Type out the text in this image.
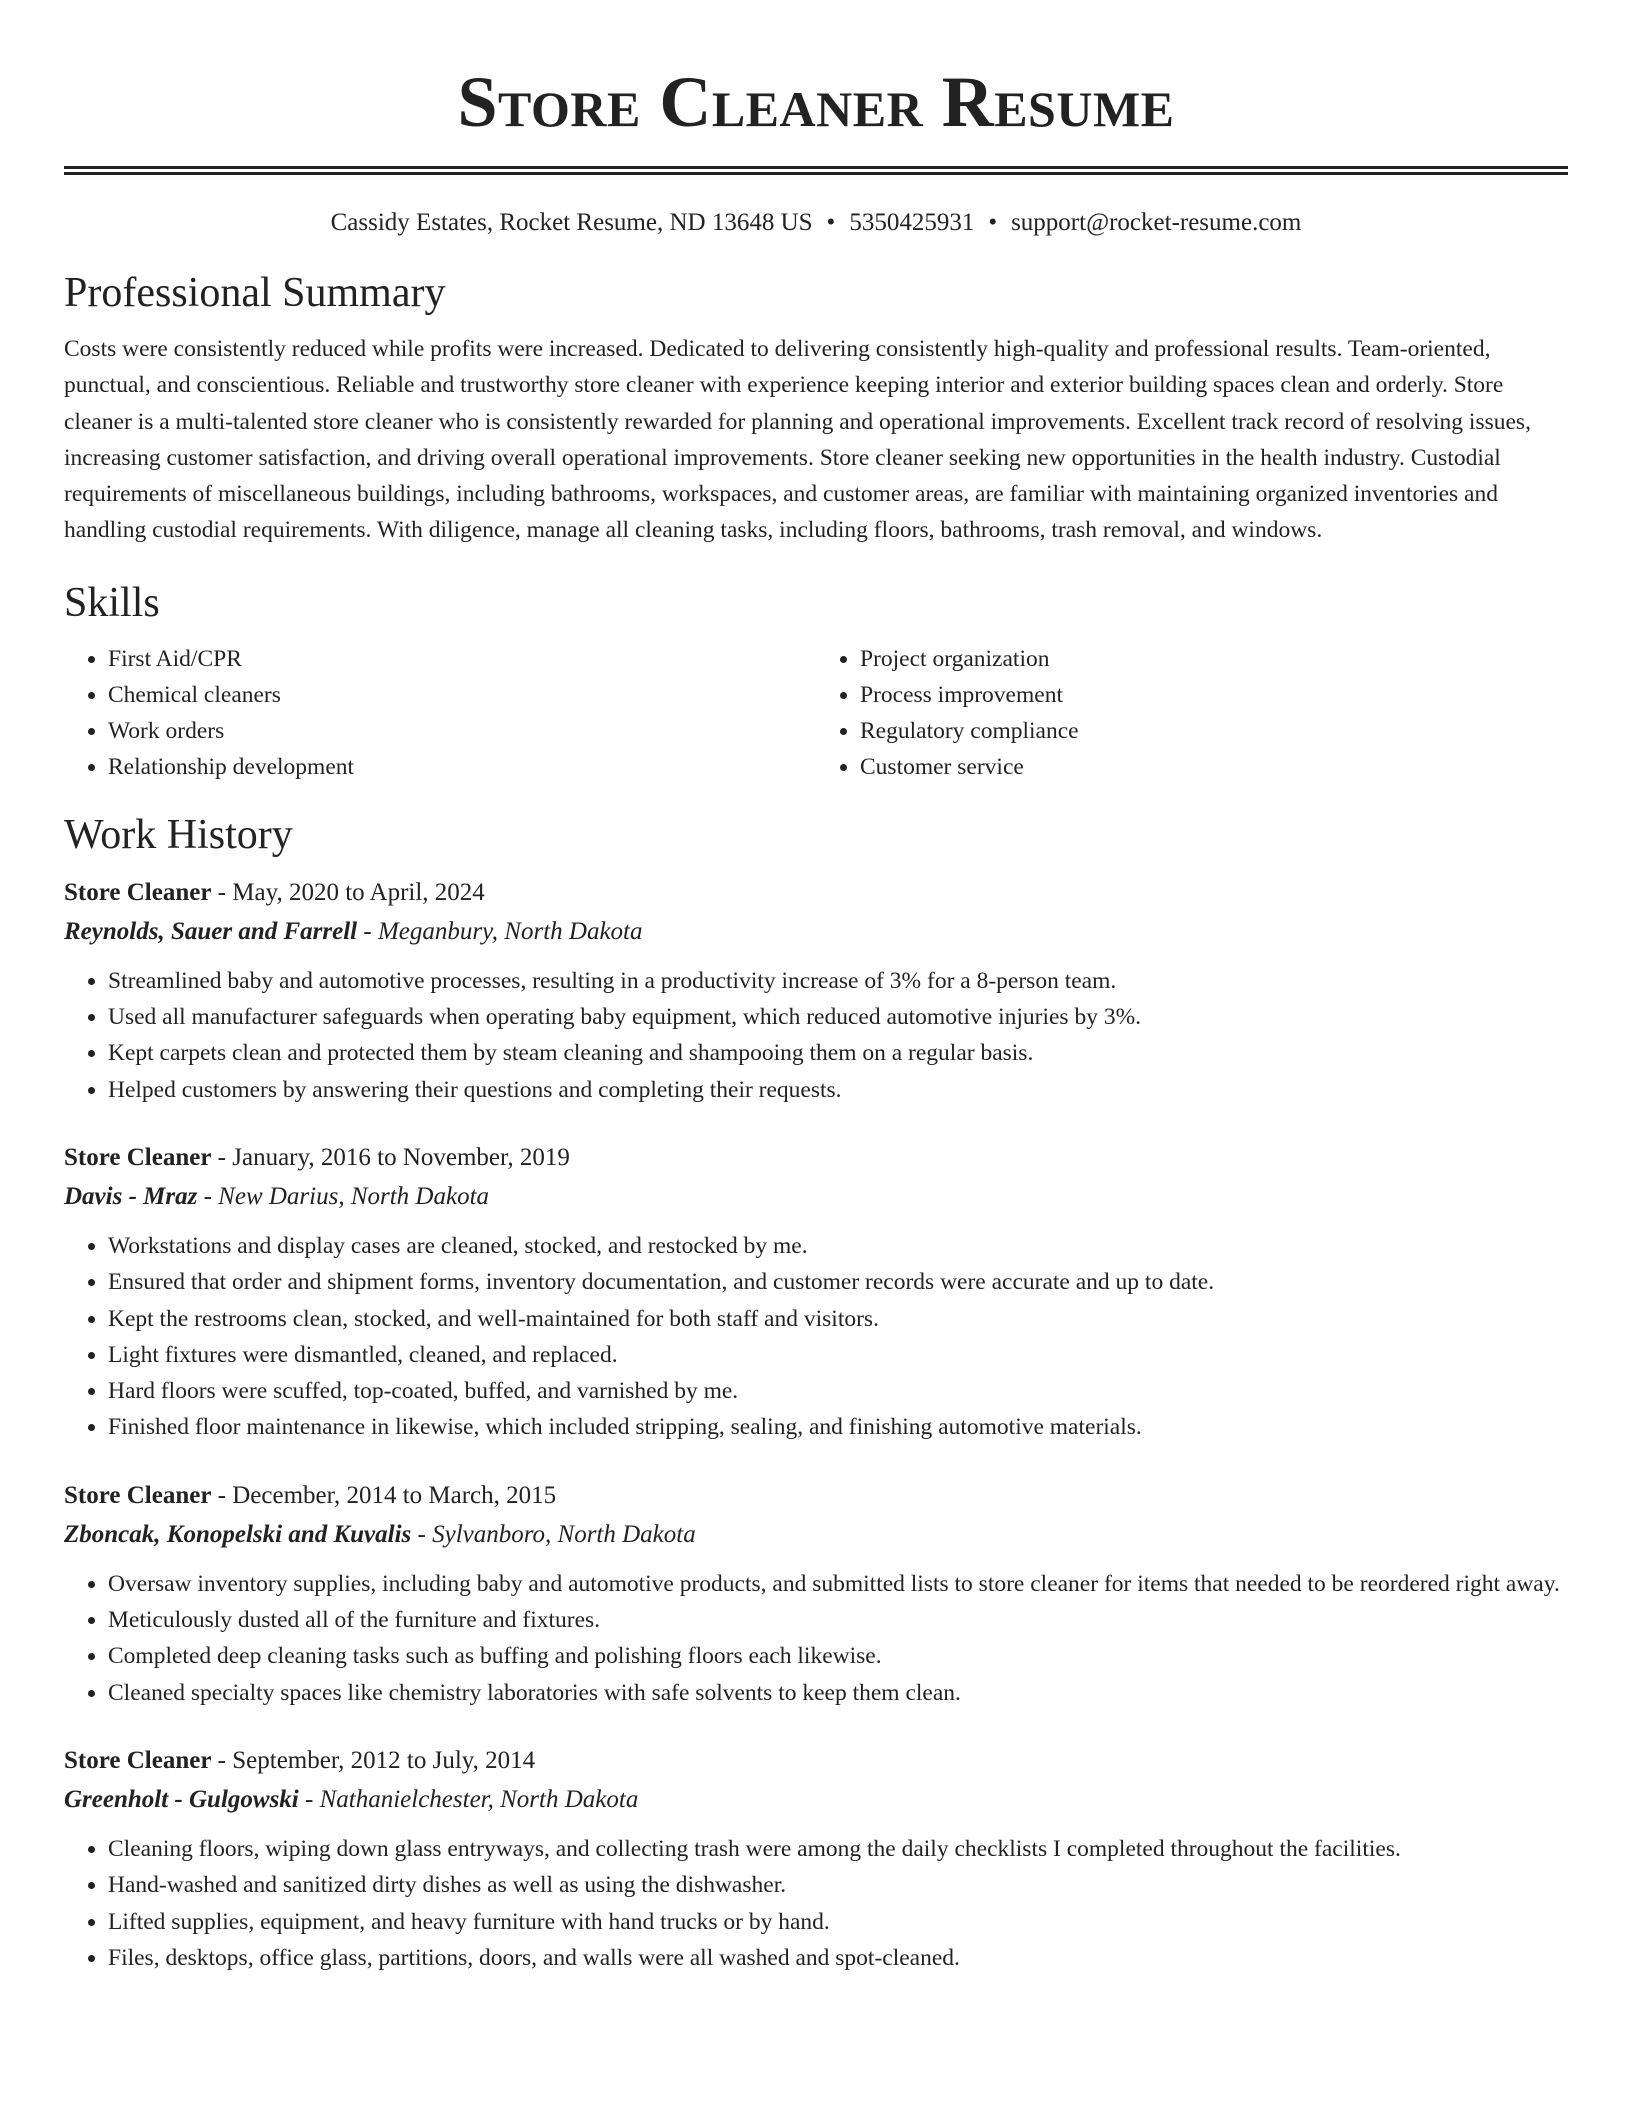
Store Cleaner Resume
Cassidy Estates, Rocket Resume, ND 13648 US • 5350425931 • support@rocket-resume.com
Professional Summary

Costs were consistently reduced while profits were increased. Dedicated to delivering consistently high-quality and professional results. Team-oriented, punctual, and conscientious. Reliable and trustworthy store cleaner with experience keeping interior and exterior building spaces clean and orderly. Store cleaner is a multi-talented store cleaner who is consistently rewarded for planning and operational improvements. Excellent track record of resolving issues, increasing customer satisfaction, and driving overall operational improvements. Store cleaner seeking new opportunities in the health industry. Custodial requirements of miscellaneous buildings, including bathrooms, workspaces, and customer areas, are familiar with maintaining organized inventories and handling custodial requirements. With diligence, manage all cleaning tasks, including floors, bathrooms, trash removal, and windows.

Skills
• First Aid/CPR
• Chemical cleaners
• Work orders
• Relationship development
• Project organization
• Process improvement
• Regulatory compliance
• Customer service
Work History
Store Cleaner - May, 2020 to April, 2024
Reynolds, Sauer and Farrell - Meganbury, North Dakota
• Streamlined baby and automotive processes, resulting in a productivity increase of 3% for a 8-person team.
• Used all manufacturer safeguards when operating baby equipment, which reduced automotive injuries by 3%.
• Kept carpets clean and protected them by steam cleaning and shampooing them on a regular basis.
• Helped customers by answering their questions and completing their requests.
Store Cleaner - January, 2016 to November, 2019
Davis - Mraz - New Darius, North Dakota
• Workstations and display cases are cleaned, stocked, and restocked by me.
• Ensured that order and shipment forms, inventory documentation, and customer records were accurate and up to date.
• Kept the restrooms clean, stocked, and well-maintained for both staff and visitors.
• Light fixtures were dismantled, cleaned, and replaced.
• Hard floors were scuffed, top-coated, buffed, and varnished by me.
• Finished floor maintenance in likewise, which included stripping, sealing, and finishing automotive materials.
Store Cleaner - December, 2014 to March, 2015
Zboncak, Konopelski and Kuvalis - Sylvanboro, North Dakota
• Oversaw inventory supplies, including baby and automotive products, and submitted lists to store cleaner for items that needed to be reordered right away.
• Meticulously dusted all of the furniture and fixtures.
• Completed deep cleaning tasks such as buffing and polishing floors each likewise.
• Cleaned specialty spaces like chemistry laboratories with safe solvents to keep them clean.
Store Cleaner - September, 2012 to July, 2014
Greenholt - Gulgowski - Nathanielchester, North Dakota
• Cleaning floors, wiping down glass entryways, and collecting trash were among the daily checklists I completed throughout the facilities.
• Hand-washed and sanitized dirty dishes as well as using the dishwasher.
• Lifted supplies, equipment, and heavy furniture with hand trucks or by hand.
• Files, desktops, office glass, partitions, doors, and walls were all washed and spot-cleaned.
